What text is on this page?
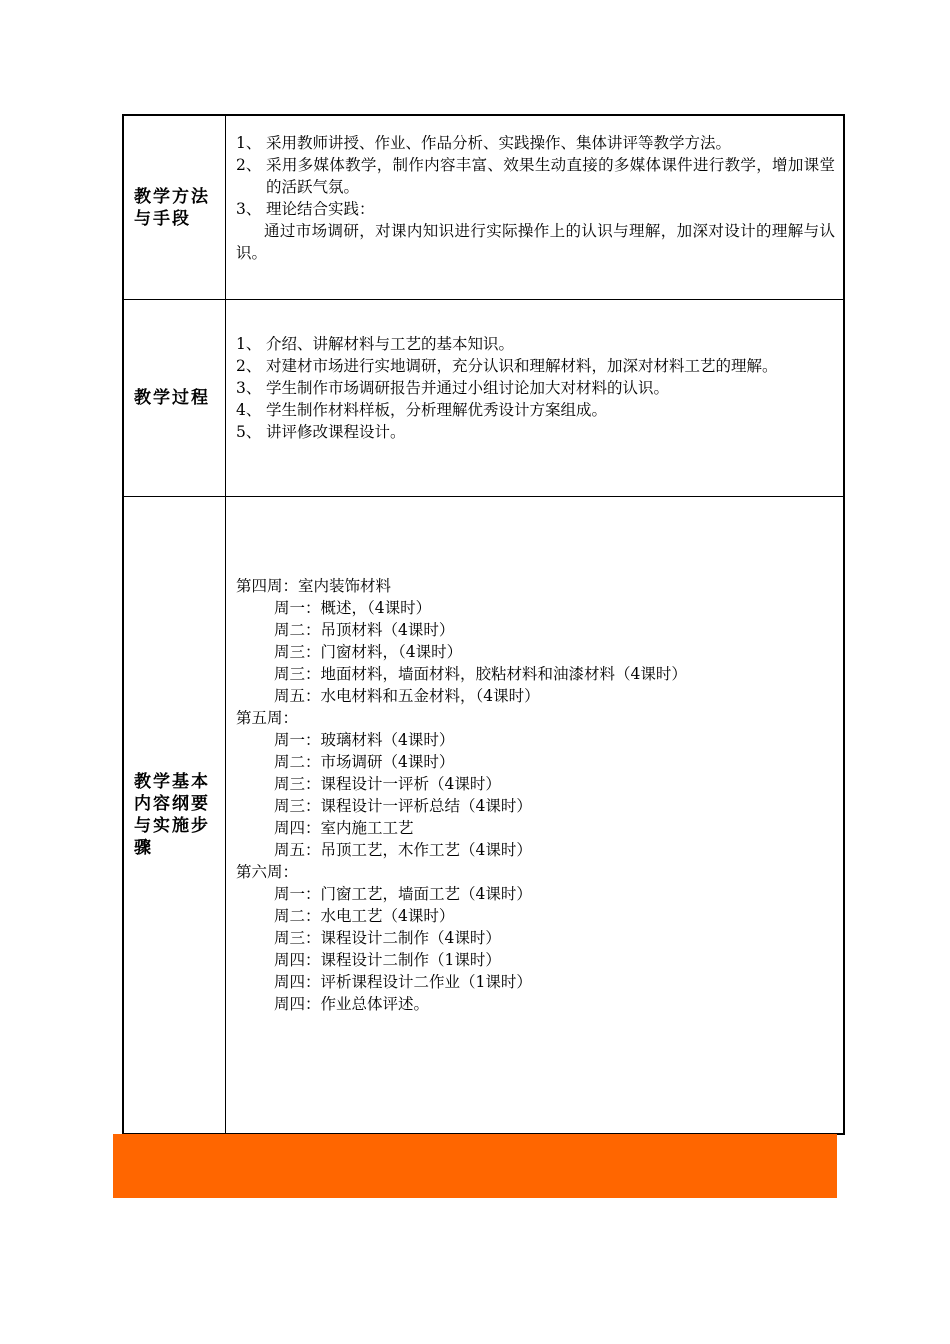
教学方法与手段
1、 采用教师讲授、作业、作品分析、实践操作、集体讲评等教学方法。
2、 采用多媒体教学，制作内容丰富、效果生动直接的多媒体课件进行教学，增加课堂的活跃气氛。
3、 理论结合实践：
通过市场调研，对课内知识进行实际操作上的认识与理解，加深对设计的理解与认识。
教学过程
1、 介绍、讲解材料与工艺的基本知识。
2、 对建材市场进行实地调研，充分认识和理解材料，加深对材料工艺的理解。
3、 学生制作市场调研报告并通过小组讨论加大对材料的认识。
4、 学生制作材料样板，分析理解优秀设计方案组成。
5、 讲评修改课程设计。
教学基本内容纲要与实施步骤
第四周：室内装饰材料
周一：概述，（4课时）
周二：吊顶材料（4课时）
周三：门窗材料，（4课时）
周三：地面材料，墙面材料，胶粘材料和油漆材料（4课时）
周五：水电材料和五金材料，（4课时）
第五周：
周一：玻璃材料（4课时）
周二：市场调研（4课时）
周三：课程设计一评析（4课时）
周三：课程设计一评析总结（4课时）
周四：室内施工工艺
周五：吊顶工艺，木作工艺（4课时）
第六周：
周一：门窗工艺，墙面工艺（4课时）
周二：水电工艺（4课时）
周三：课程设计二制作（4课时）
周四：课程设计二制作（1课时）
周四：评析课程设计二作业（1课时）
周四：作业总体评述。
